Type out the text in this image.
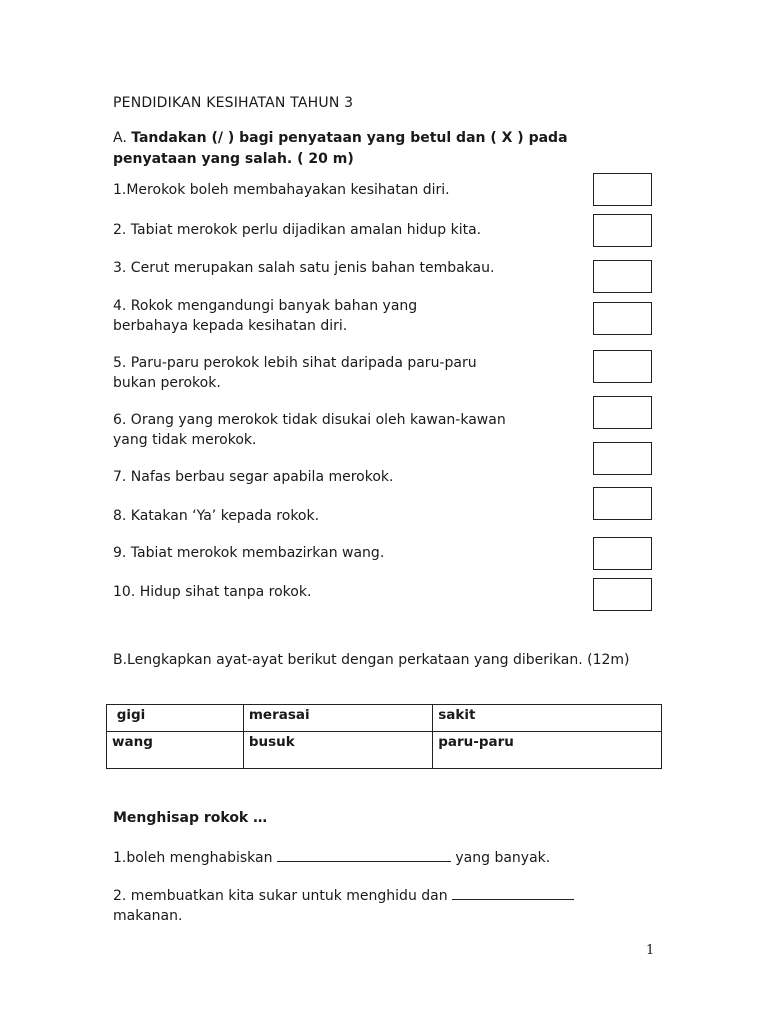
PENDIDIKAN KESIHATAN TAHUN 3
A. Tandakan (/ ) bagi penyataan yang betul dan ( X ) pada penyataan yang salah. ( 20 m)
1.Merokok boleh membahayakan kesihatan diri.
2. Tabiat merokok perlu dijadikan amalan hidup kita.
3. Cerut merupakan salah satu jenis bahan tembakau.
4. Rokok mengandungi banyak bahan yang
berbahaya kepada kesihatan diri.
5. Paru-paru perokok lebih sihat daripada paru-paru
bukan perokok.
6. Orang yang merokok tidak disukai oleh kawan-kawan
yang tidak merokok.
7. Nafas berbau segar apabila merokok.
8. Katakan ‘Ya’ kepada rokok.
9. Tabiat merokok membazirkan wang.
10. Hidup sihat tanpa rokok.
B.Lengkapkan ayat-ayat berikut dengan perkataan yang diberikan. (12m)
gigi	merasai	sakit
wang	busuk	paru-paru
Menghisap rokok …
1.boleh menghabiskan	yang banyak.
2. membuatkan kita sukar untuk menghidu dan
makanan.
1
